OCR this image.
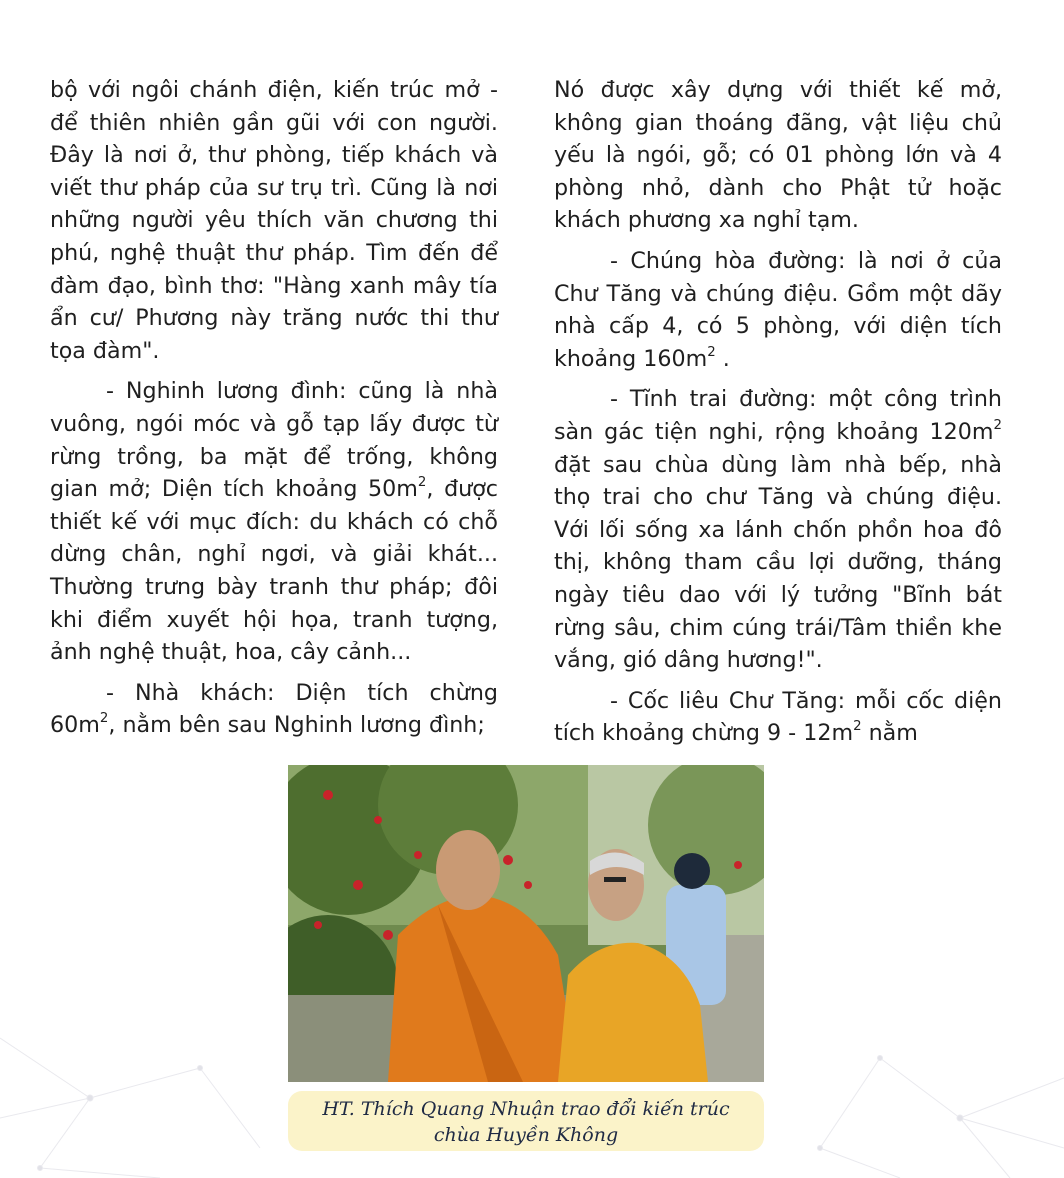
bộ với ngôi chánh điện, kiến trúc mở - để thiên nhiên gần gũi với con người. Đây là nơi ở, thư phòng, tiếp khách và viết thư pháp của sư trụ trì. Cũng là nơi những người yêu thích văn chương thi phú, nghệ thuật thư pháp. Tìm đến để đàm đạo, bình thơ: "Hàng xanh mây tía ẩn cư/ Phương này trăng nước thi thư tọa đàm".

- Nghinh lương đình: cũng là nhà vuông, ngói móc và gỗ tạp lấy được từ rừng trồng, ba mặt để trống, không gian mở; Diện tích khoảng $50m^2$, được thiết kế với mục đích: du khách có chỗ dừng chân, nghỉ ngơi, và giải khát... Thường trưng bày tranh thư pháp; đôi khi điểm xuyết hội họa, tranh tượng, ảnh nghệ thuật, hoa, cây cảnh...

- Nhà khách: Diện tích chừng $60m^2$, nằm bên sau Nghinh lương đình;

Nó được xây dựng với thiết kế mở, không gian thoáng đãng, vật liệu chủ yếu là ngói, gỗ; có 01 phòng lớn và 4 phòng nhỏ, dành cho Phật tử hoặc khách phương xa nghỉ tạm.

- Chúng hòa đường: là nơi ở của Chư Tăng và chúng điệu. Gồm một dãy nhà cấp 4, có 5 phòng, với diện tích khoảng $160m^2$ .

- Tĩnh trai đường: một công trình sàn gác tiện nghi, rộng khoảng $120m^2$ đặt sau chùa dùng làm nhà bếp, nhà thọ trai cho chư Tăng và chúng điệu. Với lối sống xa lánh chốn phồn hoa đô thị, không tham cầu lợi dưỡng, tháng ngày tiêu dao với lý tưởng "Bĩnh bát rừng sâu, chim cúng trái/Tâm thiền khe vắng, gió dâng hương!".

- Cốc liêu Chư Tăng: mỗi cốc diện tích khoảng chừng $9 - 12m^2$ nằm

HT. Thích Quang Nhuận trao đổi kiến trúc
chùa Huyền Không
